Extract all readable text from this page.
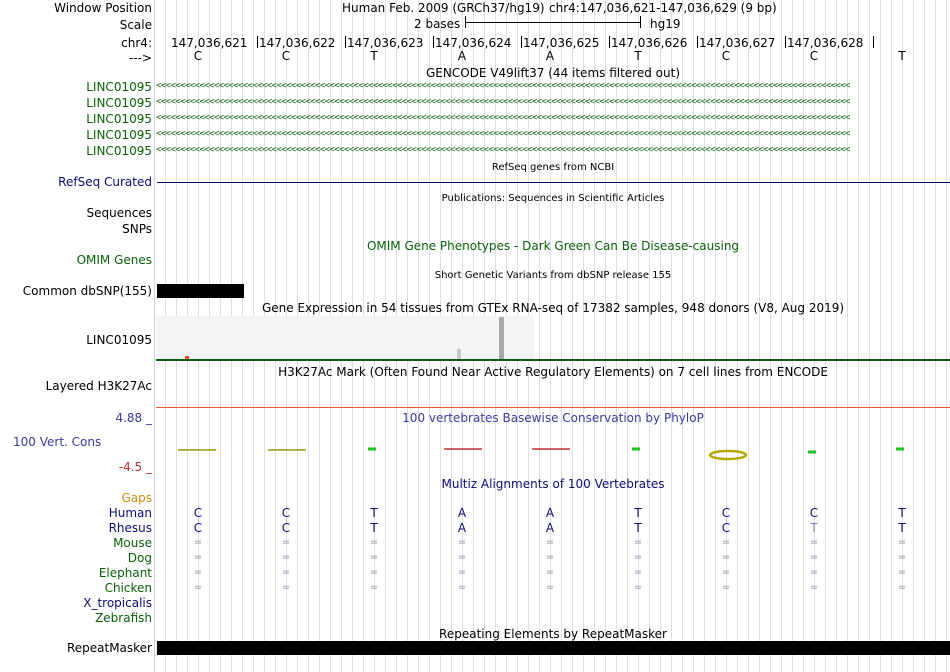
Window Position	Human Feb. 2009 (GRCh37/hg19) chr4:147,036,621-147,036,629 (9 bp)
Scale	2 bases	hg19
chr4: 147,036,621 147,036,622 147,036,623 147,036,624 147,036,625 147,036,626 147,036,627 147,036,628
--->	C	C	T	A	A	T	C	C	T
GENCODE V49lift37 (44 items filtered out)
LINC01095 <<<<<<<<<<<<<<<<<<<<<<<<<<<<<<<<<<<<<<<<<<<<<<<<<<<<<<<<<<<<<<<<<<<<<<<<<<<<<<<<<<<<<<<<<<<<<<<<<<<<<<<<<<<<<<<<<<<<<<<<<<<<<<<<<<<<<<<<<<<<<<<<
LINC01095 <<<<<<<<<<<<<<<<<<<<<<<<<<<<<<<<<<<<<<<<<<<<<<<<<<<<<<<<<<<<<<<<<<<<<<<<<<<<<<<<<<<<<<<<<<<<<<<<<<<<<<<<<<<<<<<<<<<<<<<<<<<<<<<<<<<<<<<<<<<<<<<<
LINC01095 <<<<<<<<<<<<<<<<<<<<<<<<<<<<<<<<<<<<<<<<<<<<<<<<<<<<<<<<<<<<<<<<<<<<<<<<<<<<<<<<<<<<<<<<<<<<<<<<<<<<<<<<<<<<<<<<<<<<<<<<<<<<<<<<<<<<<<<<<<<<<<<<
LINC01095 <<<<<<<<<<<<<<<<<<<<<<<<<<<<<<<<<<<<<<<<<<<<<<<<<<<<<<<<<<<<<<<<<<<<<<<<<<<<<<<<<<<<<<<<<<<<<<<<<<<<<<<<<<<<<<<<<<<<<<<<<<<<<<<<<<<<<<<<<<<<<<<<
LINC01095 <<<<<<<<<<<<<<<<<<<<<<<<<<<<<<<<<<<<<<<<<<<<<<<<<<<<<<<<<<<<<<<<<<<<<<<<<<<<<<<<<<<<<<<<<<<<<<<<<<<<<<<<<<<<<<<<<<<<<<<<<<<<<<<<<<<<<<<<<<<<<<<<
RefSeq genes from NCBI
RefSeq Curated
Publications: Sequences in Scientific Articles
Sequences
SNPs
OMIM Gene Phenotypes - Dark Green Can Be Disease-causing
OMIM Genes
Short Genetic Variants from dbSNP release 155
Common dbSNP(155)
Gene Expression in 54 tissues from GTEx RNA-seq of 17382 samples, 948 donors (V8, Aug 2019)
LINC01095
H3K27Ac Mark (Often Found Near Active Regulatory Elements) on 7 cell lines from ENCODE
Layered H3K27Ac
100 vertebrates Basewise Conservation by PhyloP
4.88 _
100 Vert. Cons
-4.5 _
Multiz Alignments of 100 Vertebrates
Gaps
Human	C	C	T	A	A	T	C	C	T
Rhesus	C	C	T	A	A	T	C	T	T
Mouse	=	=	=	=	=	=	=	=	=
Dog	=	=	=	=	=	=	=	=	=
Elephant	=	=	=	=	=	=	=	=	=
Chicken	=	=	=	=	=	=	=	=	=
X_tropicalis
Zebrafish
Repeating Elements by RepeatMasker
RepeatMasker
